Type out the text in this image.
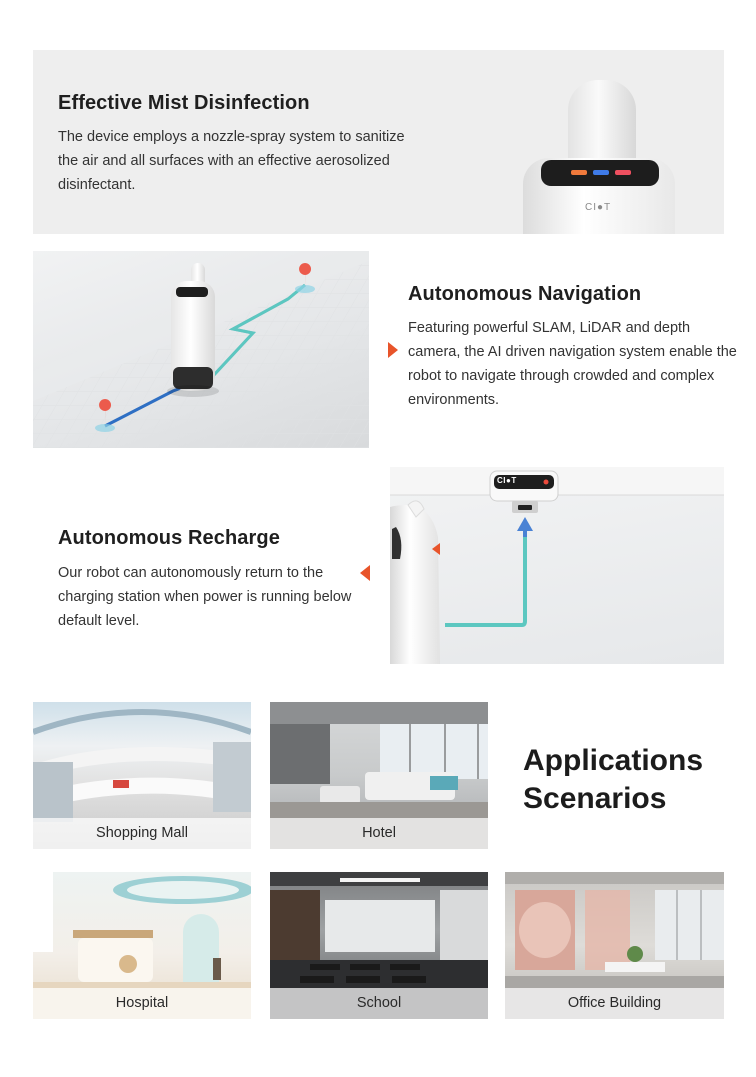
Effective Mist Disinfection
The device employs a nozzle-spray system to sanitize the air and all surfaces with an effective aerosolized disinfectant.
CI●T
Autonomous Navigation
Featuring powerful SLAM, LiDAR and depth camera, the AI driven navigation system enable the robot to navigate through crowded and complex environments.
Autonomous Recharge
Our robot can autonomously return to the charging station when power is running below default level.
CI●T
Applications
Scenarios
Shopping Mall	Hotel
Hospital	School	Office Building
